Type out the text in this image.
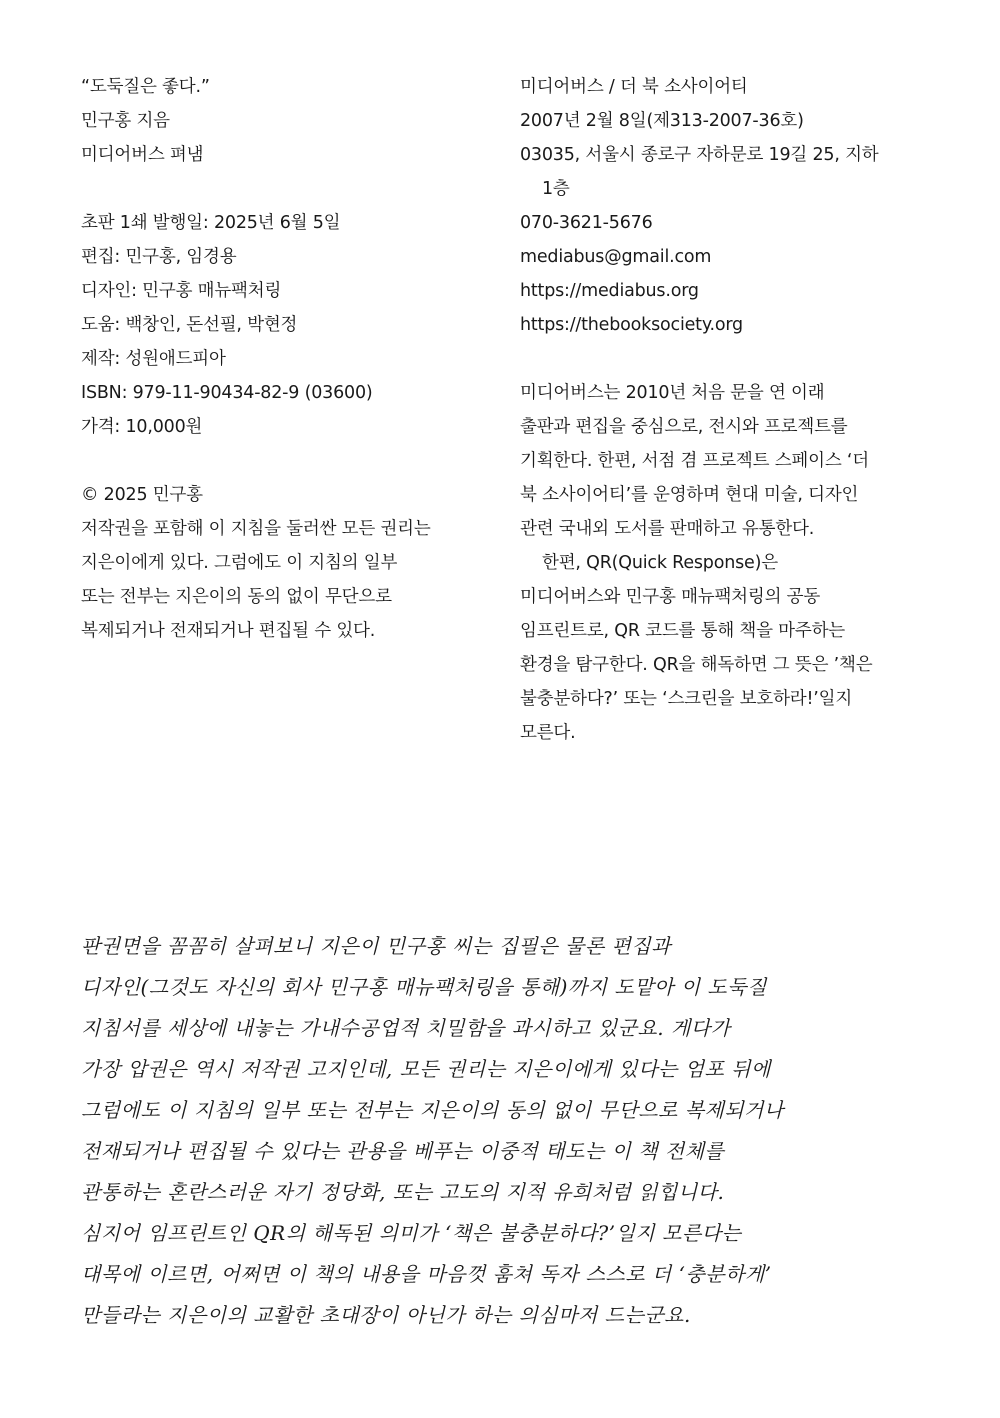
“도둑질은 좋다.”
민구홍 지음
미디어버스 펴냄
초판 1쇄 발행일: 2025년 6월 5일
편집: 민구홍, 임경용
디자인: 민구홍 매뉴팩처링
도움: 백창인, 돈선필, 박현정
제작: 성원애드피아
ISBN: 979-11-90434-82-9 (03600)
가격: 10,000원
© 2025 민구홍
저작권을 포함해 이 지침을 둘러싼 모든 권리는
지은이에게 있다. 그럼에도 이 지침의 일부
또는 전부는 지은이의 동의 없이 무단으로
복제되거나 전재되거나 편집될 수 있다.
미디어버스 / 더 북 소사이어티
2007년 2월 8일(제313-2007-36호)
03035, 서울시 종로구 자하문로 19길 25, 지하
1층
070-3621-5676
mediabus@gmail.com
https://mediabus.org
https://thebooksociety.org
미디어버스는 2010년 처음 문을 연 이래
출판과 편집을 중심으로, 전시와 프로젝트를
기획한다. 한편, 서점 겸 프로젝트 스페이스 ‘더
북 소사이어티’를 운영하며 현대 미술, 디자인
관련 국내외 도서를 판매하고 유통한다.
한편, QR(Quick Response)은
미디어버스와 민구홍 매뉴팩처링의 공동
임프린트로, QR 코드를 통해 책을 마주하는
환경을 탐구한다. QR을 해독하면 그 뜻은 ’책은
불충분하다?’ 또는 ‘스크린을 보호하라!’일지
모른다.
판권면을 꼼꼼히 살펴보니 지은이 민구홍 씨는 집필은 물론 편집과
디자인(그것도 자신의 회사 민구홍 매뉴팩처링을 통해)까지 도맡아 이 도둑질
지침서를 세상에 내놓는 가내수공업적 치밀함을 과시하고 있군요. 게다가
가장 압권은 역시 저작권 고지인데, 모든 권리는 지은이에게 있다는 엄포 뒤에
그럼에도 이 지침의 일부 또는 전부는 지은이의 동의 없이 무단으로 복제되거나
전재되거나 편집될 수 있다는 관용을 베푸는 이중적 태도는 이 책 전체를
관통하는 혼란스러운 자기 정당화, 또는 고도의 지적 유희처럼 읽힙니다.
심지어 임프린트인 QR의 해독된 의미가 ‘책은 불충분하다?’일지 모른다는
대목에 이르면, 어쩌면 이 책의 내용을 마음껏 훔쳐 독자 스스로 더 ‘충분하게’
만들라는 지은이의 교활한 초대장이 아닌가 하는 의심마저 드는군요.
